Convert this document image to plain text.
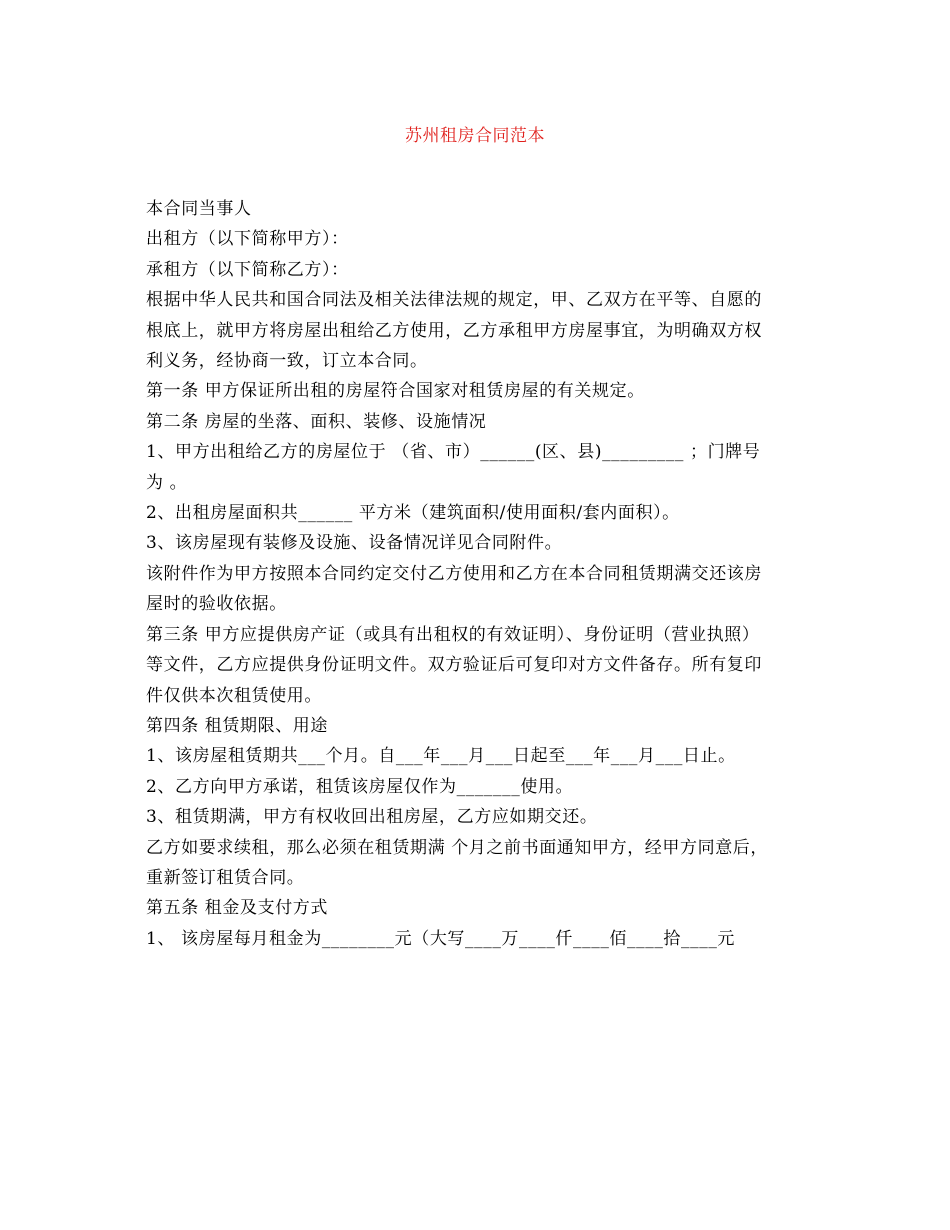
苏州租房合同范本
本合同当事人
出租方（以下简称甲方）：
承租方（以下简称乙方）：
根据中华人民共和国合同法及相关法律法规的规定，甲、乙双方在平等、自愿的
根底上，就甲方将房屋出租给乙方使用，乙方承租甲方房屋事宜，为明确双方权
利义务，经协商一致，订立本合同。
第一条 甲方保证所出租的房屋符合国家对租赁房屋的有关规定。
第二条 房屋的坐落、面积、装修、设施情况
1、甲方出租给乙方的房屋位于 （省、市）______(区、县)_________ ；门牌号
为 。
2、出租房屋面积共______ 平方米（建筑面积/使用面积/套内面积）。
3、该房屋现有装修及设施、设备情况详见合同附件。
该附件作为甲方按照本合同约定交付乙方使用和乙方在本合同租赁期满交还该房
屋时的验收依据。
第三条 甲方应提供房产证（或具有出租权的有效证明）、身份证明（营业执照）
等文件，乙方应提供身份证明文件。双方验证后可复印对方文件备存。所有复印
件仅供本次租赁使用。
第四条 租赁期限、用途
1、该房屋租赁期共___个月。自___年___月___日起至___年___月___日止。
2、乙方向甲方承诺，租赁该房屋仅作为_______使用。
3、租赁期满，甲方有权收回出租房屋，乙方应如期交还。
乙方如要求续租，那么必须在租赁期满 个月之前书面通知甲方，经甲方同意后，
重新签订租赁合同。
第五条 租金及支付方式
1、 该房屋每月租金为________元（大写____万____仟____佰____拾____元
